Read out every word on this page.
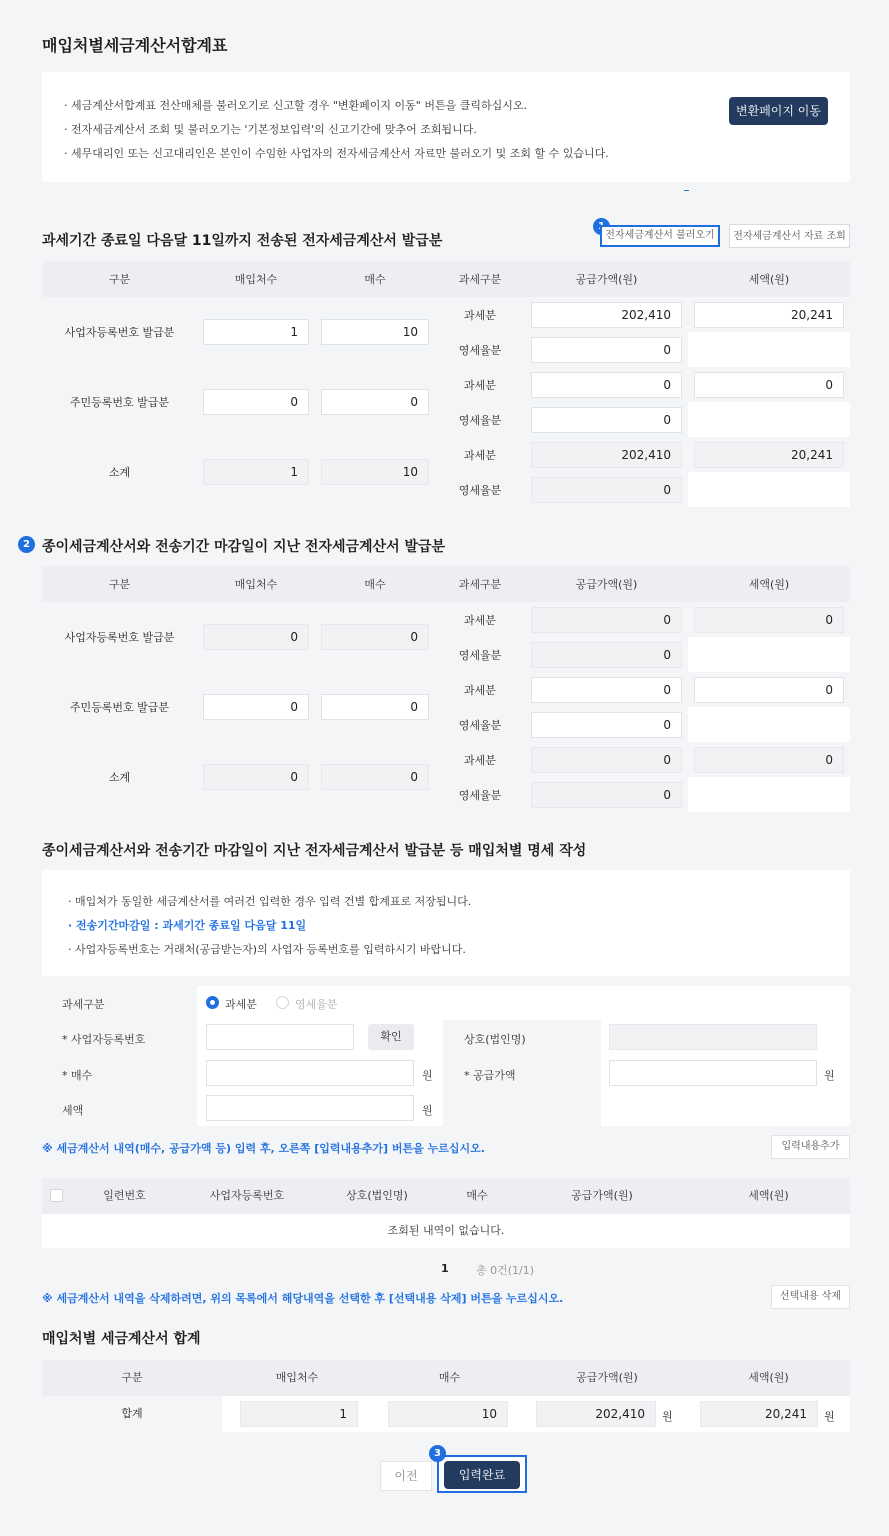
매입처별세금계산서합계표
· 세금계산서합계표 전산매체를 불러오기로 신고할 경우 "변환페이지 이동" 버튼을 클릭하십시오.
· 전자세금계산서 조회 및 불러오기는 '기본정보입력'의 신고기간에 맞추어 조회됩니다.
· 세무대리인 또는 신고대리인은 본인이 수임한 사업자의 전자세금계산서 자료만 불러오기 및 조회 할 수 있습니다.
변환페이지 이동
과세기간 종료일 다음달 11일까지 전송된 전자세금계산서 발급분	전자세금계산서 불러오기	전자세금계산서 자료 조회
구분	매입처수	매수	과세구분	공급가액(원)	세액(원)
사업자등록번호 발급분	1	10	과세분	202,410	20,241

			영세율분	0	

주민등록번호 발급분	0	0	과세분	0	0

			영세율분	0	

소계	1	10	과세분	202,410	20,241

			영세율분	0	

2 종이세금계산서와 전송기간 마감일이 지난 전자세금계산서 발급분
구분	매입처수	매수	과세구분	공급가액(원)	세액(원)
사업자등록번호 발급분	0	0	과세분	0	0

			영세율분	0	

주민등록번호 발급분	0	0	과세분	0	0

			영세율분	0	

소계	0	0	과세분	0	0

			영세율분	0	

종이세금계산서와 전송기간 마감일이 지난 전자세금계산서 발급분 등 매입처별 명세 작성
· 매입처가 동일한 세금계산서를 여러건 입력한 경우 입력 건별 합계표로 저장됩니다.
· 전송기간마감일 : 과세기간 종료일 다음달 11일
· 사업자등록번호는 거래처(공급받는자)의 사업자 등록번호를 입력하시기 바랍니다.
과세구분	과세분	영세율분
* 사업자등록번호	확인	상호(법인명)
* 매수	원	* 공급가액	원
세액	원
※ 세금계산서 내역(매수, 공급가액 등) 입력 후, 오른쪽 [입력내용추가] 버튼을 누르십시오.	입력내용추가
일련번호	사업자등록번호	상호(법인명)	매수	공급가액(원)	세액(원)
조회된 내역이 없습니다.
1 총 0건(1/1)
※ 세금계산서 내역을 삭제하려면, 위의 목록에서 해당내역을 선택한 후 [선택내용 삭제] 버튼을 누르십시오.	선택내용 삭제
매입처별 세금계산서 합계
구분	매입처수	매수	공급가액(원)	세액(원)
합계	1	10	202,410	원	20,241	원
이전	입력완료
3
